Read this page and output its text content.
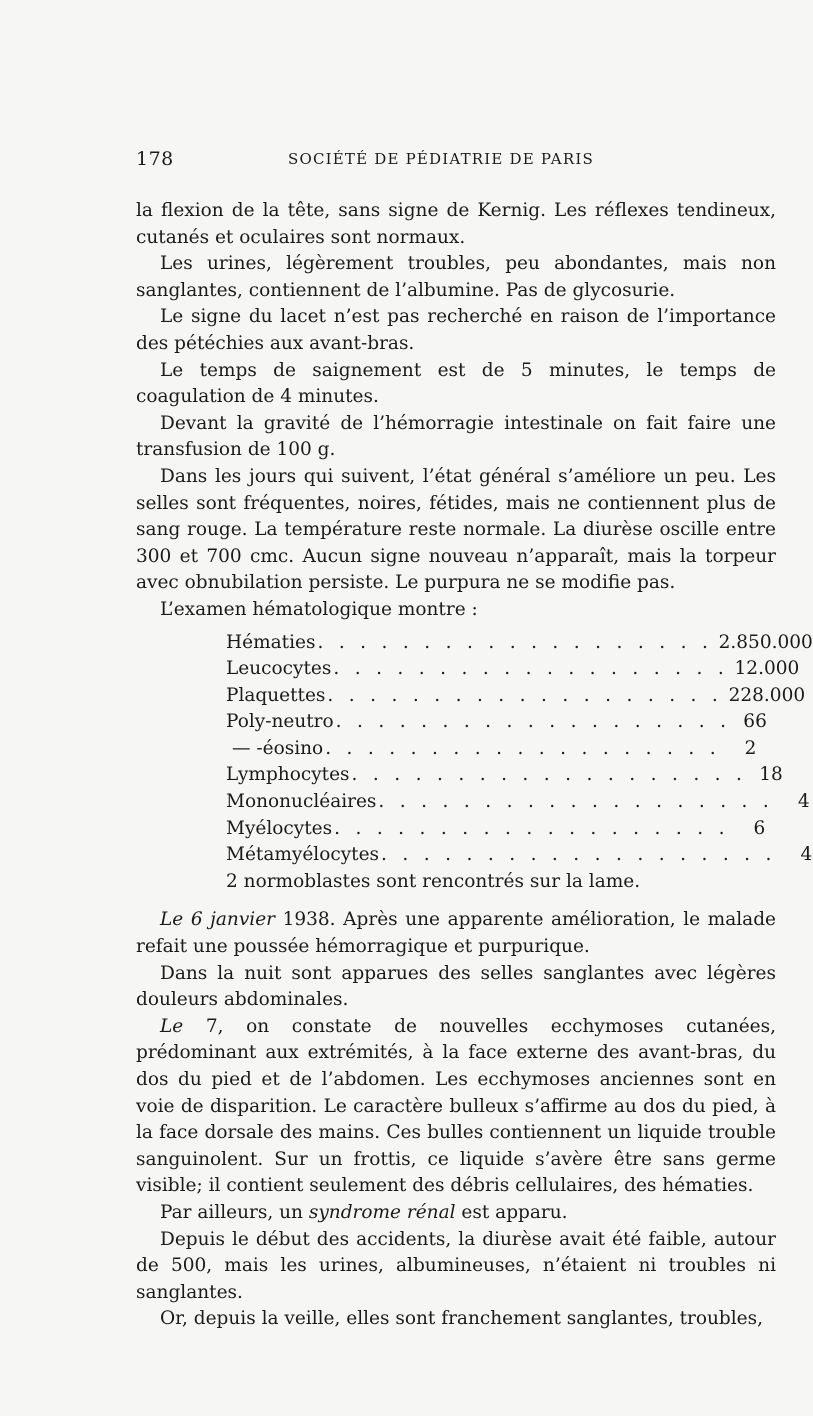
178	SOCIÉTÉ DE PÉDIATRIE DE PARIS

la flexion de la tête, sans signe de Kernig. Les réflexes tendineux, cutanés et oculaires sont normaux.

Les urines, légèrement troubles, peu abondantes, mais non sanglantes, contiennent de l’albumine. Pas de glycosurie.

Le signe du lacet n’est pas recherché en raison de l’importance des pétéchies aux avant-bras.

Le temps de saignement est de 5 minutes, le temps de coagulation de 4 minutes.

Devant la gravité de l’hémorragie intestinale on fait faire une transfusion de 100 g.

Dans les jours qui suivent, l’état général s’améliore un peu. Les selles sont fréquentes, noires, fétides, mais ne contiennent plus de sang rouge. La température reste normale. La diurèse oscille entre 300 et 700 cmc. Aucun signe nouveau n’apparaît, mais la torpeur avec obnubilation persiste. Le purpura ne se modifie pas.

L’examen hématologique montre :

Hématies . . . . . . . . . . . . . . . . . . . 2.850.000
Leucocytes . . . . . . . . . . . . . . . . . . . 12.000
Plaquettes . . . . . . . . . . . . . . . . . . . 228.000
Poly-neutro . . . . . . . . . . . . . . . . . . . 66
— -éosino . . . . . . . . . . . . . . . . . . .	2
Lymphocytes . . . . . . . . . . . . . . . . . . . 18
Mononucléaires . . . . . . . . . . . . . . . . . . .	4
Myélocytes . . . . . . . . . . . . . . . . . . .	6
Métamyélocytes . . . . . . . . . . . . . . . . . . .	4
2 normoblastes sont rencontrés sur la lame.

Le 6 janvier 1938. Après une apparente amélioration, le malade refait une poussée hémorragique et purpurique.

Dans la nuit sont apparues des selles sanglantes avec légères douleurs abdominales.

Le 7, on constate de nouvelles ecchymoses cutanées, prédominant aux extrémités, à la face externe des avant-bras, du dos du pied et de l’abdomen. Les ecchymoses anciennes sont en voie de disparition. Le caractère bulleux s’affirme au dos du pied, à la face dorsale des mains. Ces bulles contiennent un liquide trouble sanguinolent. Sur un frottis, ce liquide s’avère être sans germe visible; il contient seulement des débris cellulaires, des hématies.

Par ailleurs, un syndrome rénal est apparu.

Depuis le début des accidents, la diurèse avait été faible, autour de 500, mais les urines, albumineuses, n’étaient ni troubles ni sanglantes.

Or, depuis la veille, elles sont franchement sanglantes, troubles,
